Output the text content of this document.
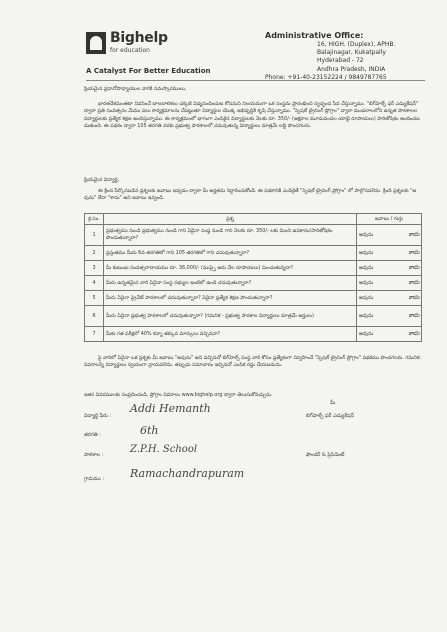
Bighelp
for education
A Catalyst For Better Education
Administrative Office:
16, HIGH. (Duplex), APHB.
Balajinagar, Kukatpally
Hyderabad - 72
Andhra Pradesh, INDIA
Phone: +91-40-23152224 / 9849787765
ప్రియమైన ప్రధానోపాధ్యాయుల వారికి నమస్కారములు,
భారతదేశమంతటా నివసించే బాలబాలికలు చక్కటి విద్యనందించుట కోసమని నిలయముగా ఒక సంస్థను ప్రారంభించి స్వచ్ఛంద సేవ చేస్తున్నాము. "బిగ్‌హెల్ప్ ఫర్ ఎడ్యుకేషన్" ద్వారా ప్రతి సంవత్సరం మేము పలు కార్యక్రమాలను చేపట్టుతూ విద్యార్థుల యొక్క అభివృద్ధికి కృషి చేస్తున్నాము. "స్పెషల్ ట్రైనింగ్ ప్రోగ్రాం" ద్వారా మండలాలలోని ఉన్నత పాఠశాలల విద్యార్థులకు ప్రత్యేక శిక్షణ అందిస్తున్నాము. ఈ కార్యక్రమంలో భాగంగా ఎంపికైన విద్యార్థులకు నెలకు రూ. 350/- (అక్షరాల మూడువందల యాభై రూపాయలు) పారితోషికం అందించబడుతుంది. ఈ పథకం ద్వారా 105 తరగతి వరకు ప్రభుత్వ పాఠశాలలో చదువుతున్న విద్యార్థులు మాత్రమే లబ్ధి పొందగలరు.
ప్రియమైన విద్యార్థి,
ఈ క్రింద పేర్కొనబడిన ప్రశ్నలకు జవాబు ఇవ్వడం ద్వారా మీ అర్హతను నిర్ధారించుకోండి. ఈ పథకానికి ఎంపికైతే "స్పెషల్ ట్రైనింగ్ ప్రోగ్రాం" లో పాల్గొనవలెను. క్రింది ప్రశ్నలకు "అవును" లేదా "కాదు" అని జవాబు ఇవ్వండి.
క్ర.సం.	ప్రశ్న	జవాబు / గుర్తు
1	ప్రభుత్వము నుండి ప్రభుత్వము నుండి గాని ఏదైనా సంస్థ నుండి గాని నెలకు రూ. 350/- లకు మించి ఉపకారం/పారితోషికం పొందుతున్నారా?	అవును కాదు

2	ప్రస్తుతము మీరు 6వ తరగతిలో గాని 105 తరగతిలో గాని చదువుతున్నారా?	అవును కాదు

3	మీ కుటుంబ సంవత్సరాదాయము రూ. 36,000/- (ముప్పై ఆరు వేల రూపాయలు) మించుతున్నదా?	అవును కాదు

4	మీరు ఉన్నతమైన వారి ఏదైనా సంస్థ సభ్యుల ఇంటిలో ఉండి చదువుతున్నారా?	అవును కాదు

5	మీరు ఏదైనా ప్రైవేట్ పాఠశాలలో చదువుతున్నారా? ఏదైనా ప్రత్యేక శిక్షణ పొందుతున్నారా?	అవును కాదు

6	మీరు ఏదైనా ప్రభుత్వ పాఠశాలలో చదువుతున్నారా? (గమనిక - ప్రభుత్వ పాఠశాల విద్యార్థులు మాత్రమే అర్హులు)	అవును కాదు

7	మీకు గత పరీక్షలో 40% కన్నా తక్కువ మార్కులు వచ్చినవా?	అవును కాదు
పై వారిలో ఏదైనా ఒక ప్రశ్నకు మీ జవాబు "అవును" అని వచ్చినచో బిగ్‌హెల్ప్ సంస్థ వారి కోసం ప్రత్యేకంగా నిర్వహించే "స్పెషల్ ట్రైనింగ్ ప్రోగ్రాం" పథకము పొందగలరు. గమనిక: వివరాలన్నీ విద్యార్థులు స్వయంగా వ్రాయవలెను. తప్పుడు సమాచారం ఇచ్చినచో ఎంపిక రద్దు చేయబడును.
ఇతర వివరములకు సంప్రదించండి, ప్రోగ్రాం వివరాలు www.bighelp.org ద్వారా తెలుసుకోవచ్చును.
మీ
విద్యార్థి పేరు :
Addi Hemanth
బిగ్‌హెల్ప్ ఫర్ ఎడ్యుకేషన్
తరగతి :	6th
పాఠశాల :	Z.P.H. School	ఫౌండర్ & ప్రెసిడెంట్
గ్రామము : Ramachandrapuram
